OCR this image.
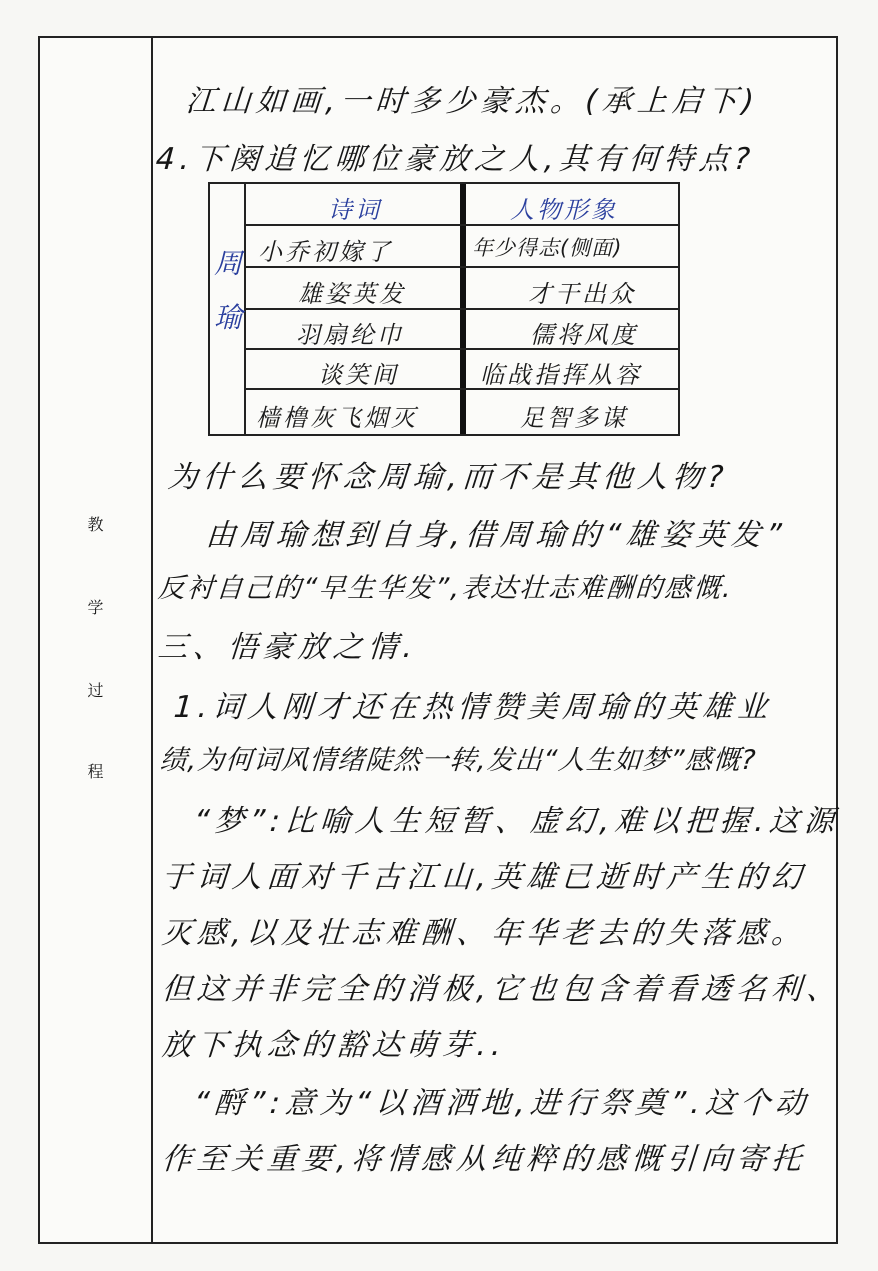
教
学
过
程
江山如画,一时多少豪杰。(承上启下)
4.下阕追忆哪位豪放之人,其有何特点?
周
瑜
诗词	人物形象
小乔初嫁了	年少得志(侧面)
雄姿英发	才干出众
羽扇纶巾	儒将风度
谈笑间	临战指挥从容
樯橹灰飞烟灭	足智多谋
为什么要怀念周瑜,而不是其他人物?
由周瑜想到自身,借周瑜的“雄姿英发”
反衬自己的“早生华发”,表达壮志难酬的感慨.
三、悟豪放之情.
1.词人刚才还在热情赞美周瑜的英雄业
绩,为何词风情绪陡然一转,发出“人生如梦”感慨?
“梦”:比喻人生短暂、虚幻,难以把握.这源
于词人面对千古江山,英雄已逝时产生的幻
灭感,以及壮志难酬、年华老去的失落感。
但这并非完全的消极,它也包含着看透名利、
放下执念的豁达萌芽..
“酹”:意为“以酒洒地,进行祭奠”.这个动
作至关重要,将情感从纯粹的感慨引向寄托
